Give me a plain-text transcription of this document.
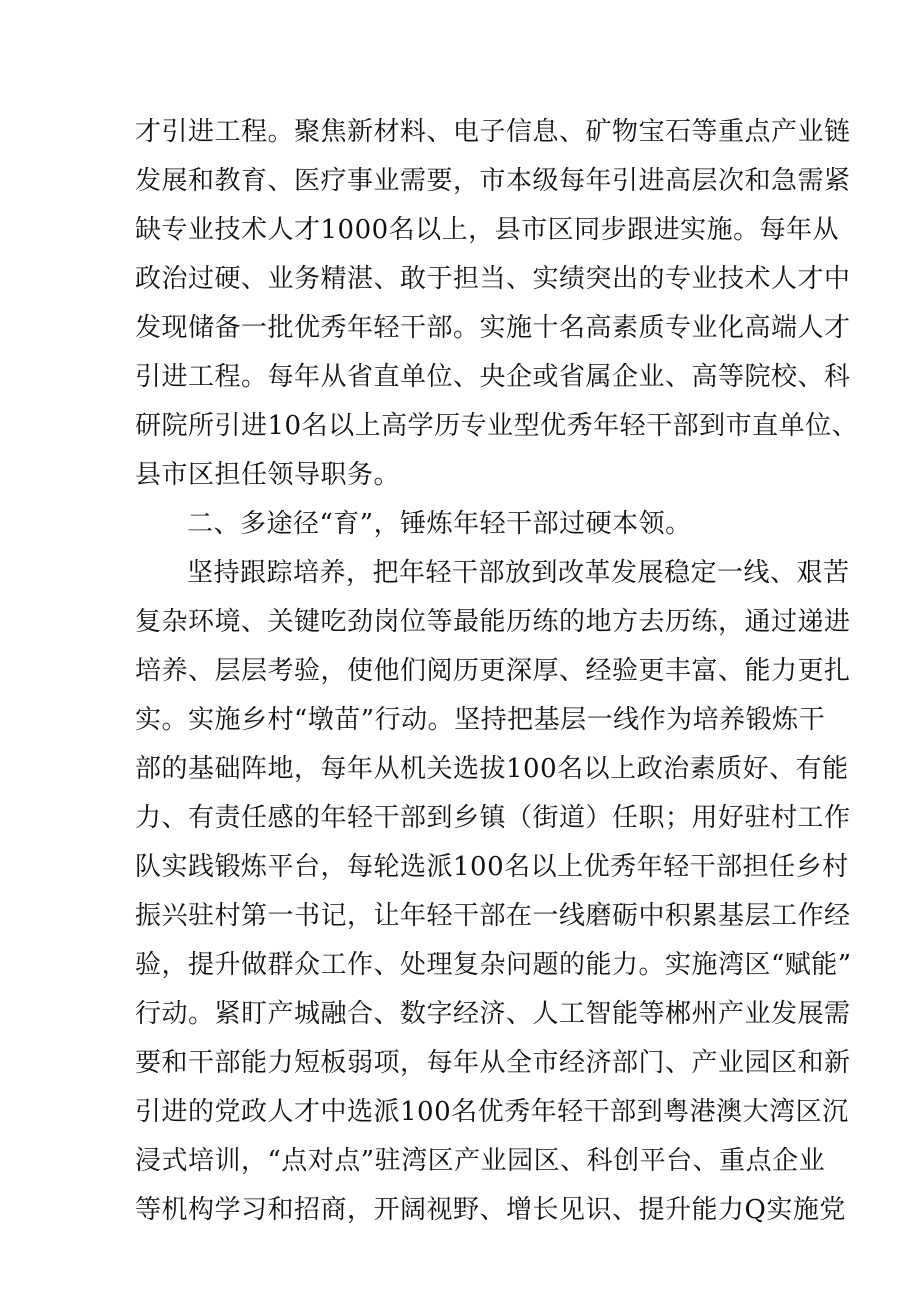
才引进工程。聚焦新材料、电子信息、矿物宝石等重点产业链
发展和教育、医疗事业需要，市本级每年引进高层次和急需紧
缺专业技术人才1000名以上，县市区同步跟进实施。每年从
政治过硬、业务精湛、敢于担当、实绩突出的专业技术人才中
发现储备一批优秀年轻干部。实施十名高素质专业化高端人才
引进工程。每年从省直单位、央企或省属企业、高等院校、科
研院所引进10名以上高学历专业型优秀年轻干部到市直单位、
县市区担任领导职务。
二、多途径“育”，锤炼年轻干部过硬本领。
坚持跟踪培养，把年轻干部放到改革发展稳定一线、艰苦
复杂环境、关键吃劲岗位等最能历练的地方去历练，通过递进
培养、层层考验，使他们阅历更深厚、经验更丰富、能力更扎
实。实施乡村“墩苗”行动。坚持把基层一线作为培养锻炼干
部的基础阵地，每年从机关选拔100名以上政治素质好、有能
力、有责任感的年轻干部到乡镇（街道）任职；用好驻村工作
队实践锻炼平台，每轮选派100名以上优秀年轻干部担任乡村
振兴驻村第一书记，让年轻干部在一线磨砺中积累基层工作经
验，提升做群众工作、处理复杂问题的能力。实施湾区“赋能”
行动。紧盯产城融合、数字经济、人工智能等郴州产业发展需
要和干部能力短板弱项，每年从全市经济部门、产业园区和新
引进的党政人才中选派100名优秀年轻干部到粤港澳大湾区沉
浸式培训，“点对点”驻湾区产业园区、科创平台、重点企业
等机构学习和招商，开阔视野、增长见识、提升能力Q实施党
